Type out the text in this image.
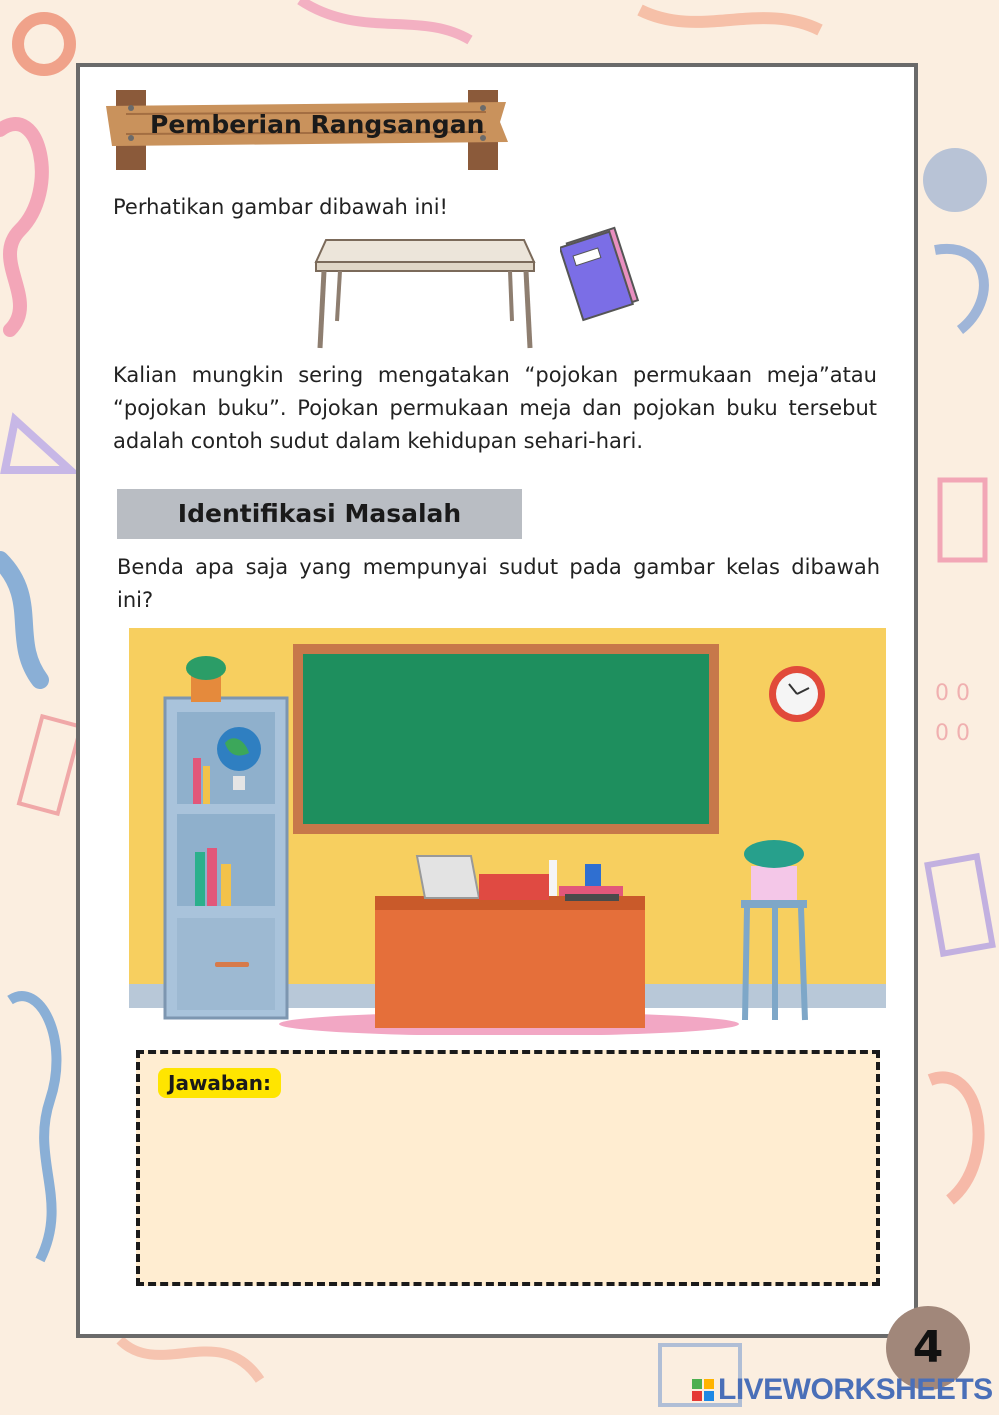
0 0
0 0
Pemberian Rangsangan
Perhatikan gambar dibawah ini!
Kalian mungkin sering mengatakan “pojokan permukaan meja”atau “pojokan buku”. Pojokan permukaan meja dan pojokan buku tersebut adalah contoh sudut dalam kehidupan sehari-hari.
Identifikasi Masalah
Benda apa saja yang mempunyai sudut pada gambar kelas dibawah ini?
Jawaban:
4
LIVEWORKSHEETS
